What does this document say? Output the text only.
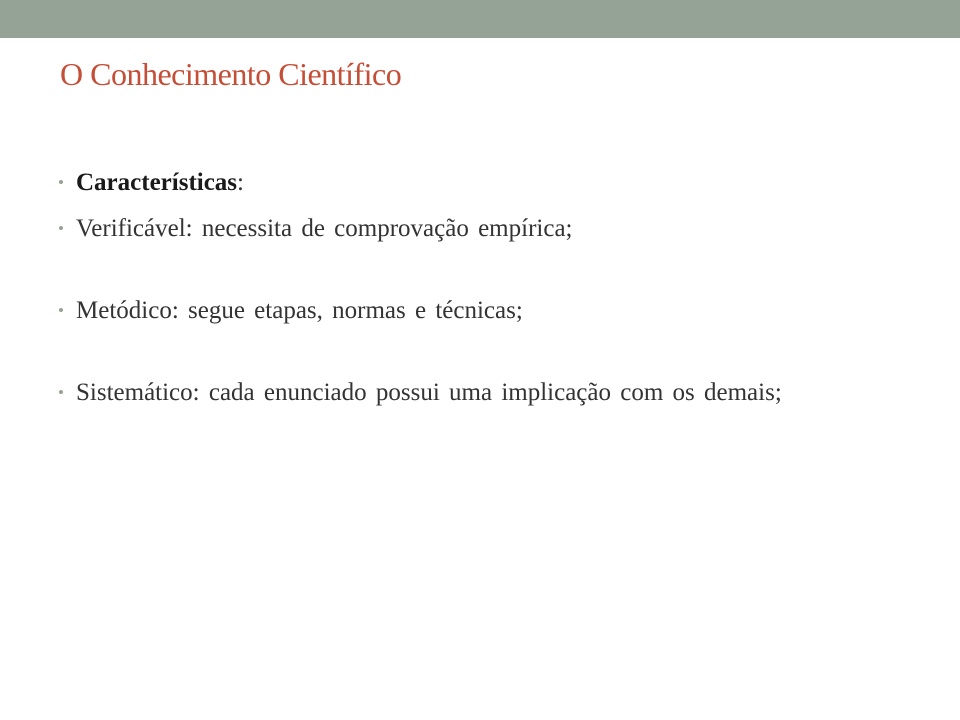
O Conhecimento Científico
• Características:
• Verificável: necessita de comprovação empírica;
• Metódico: segue etapas, normas e técnicas;
• Sistemático: cada enunciado possui uma implicação com os demais;
